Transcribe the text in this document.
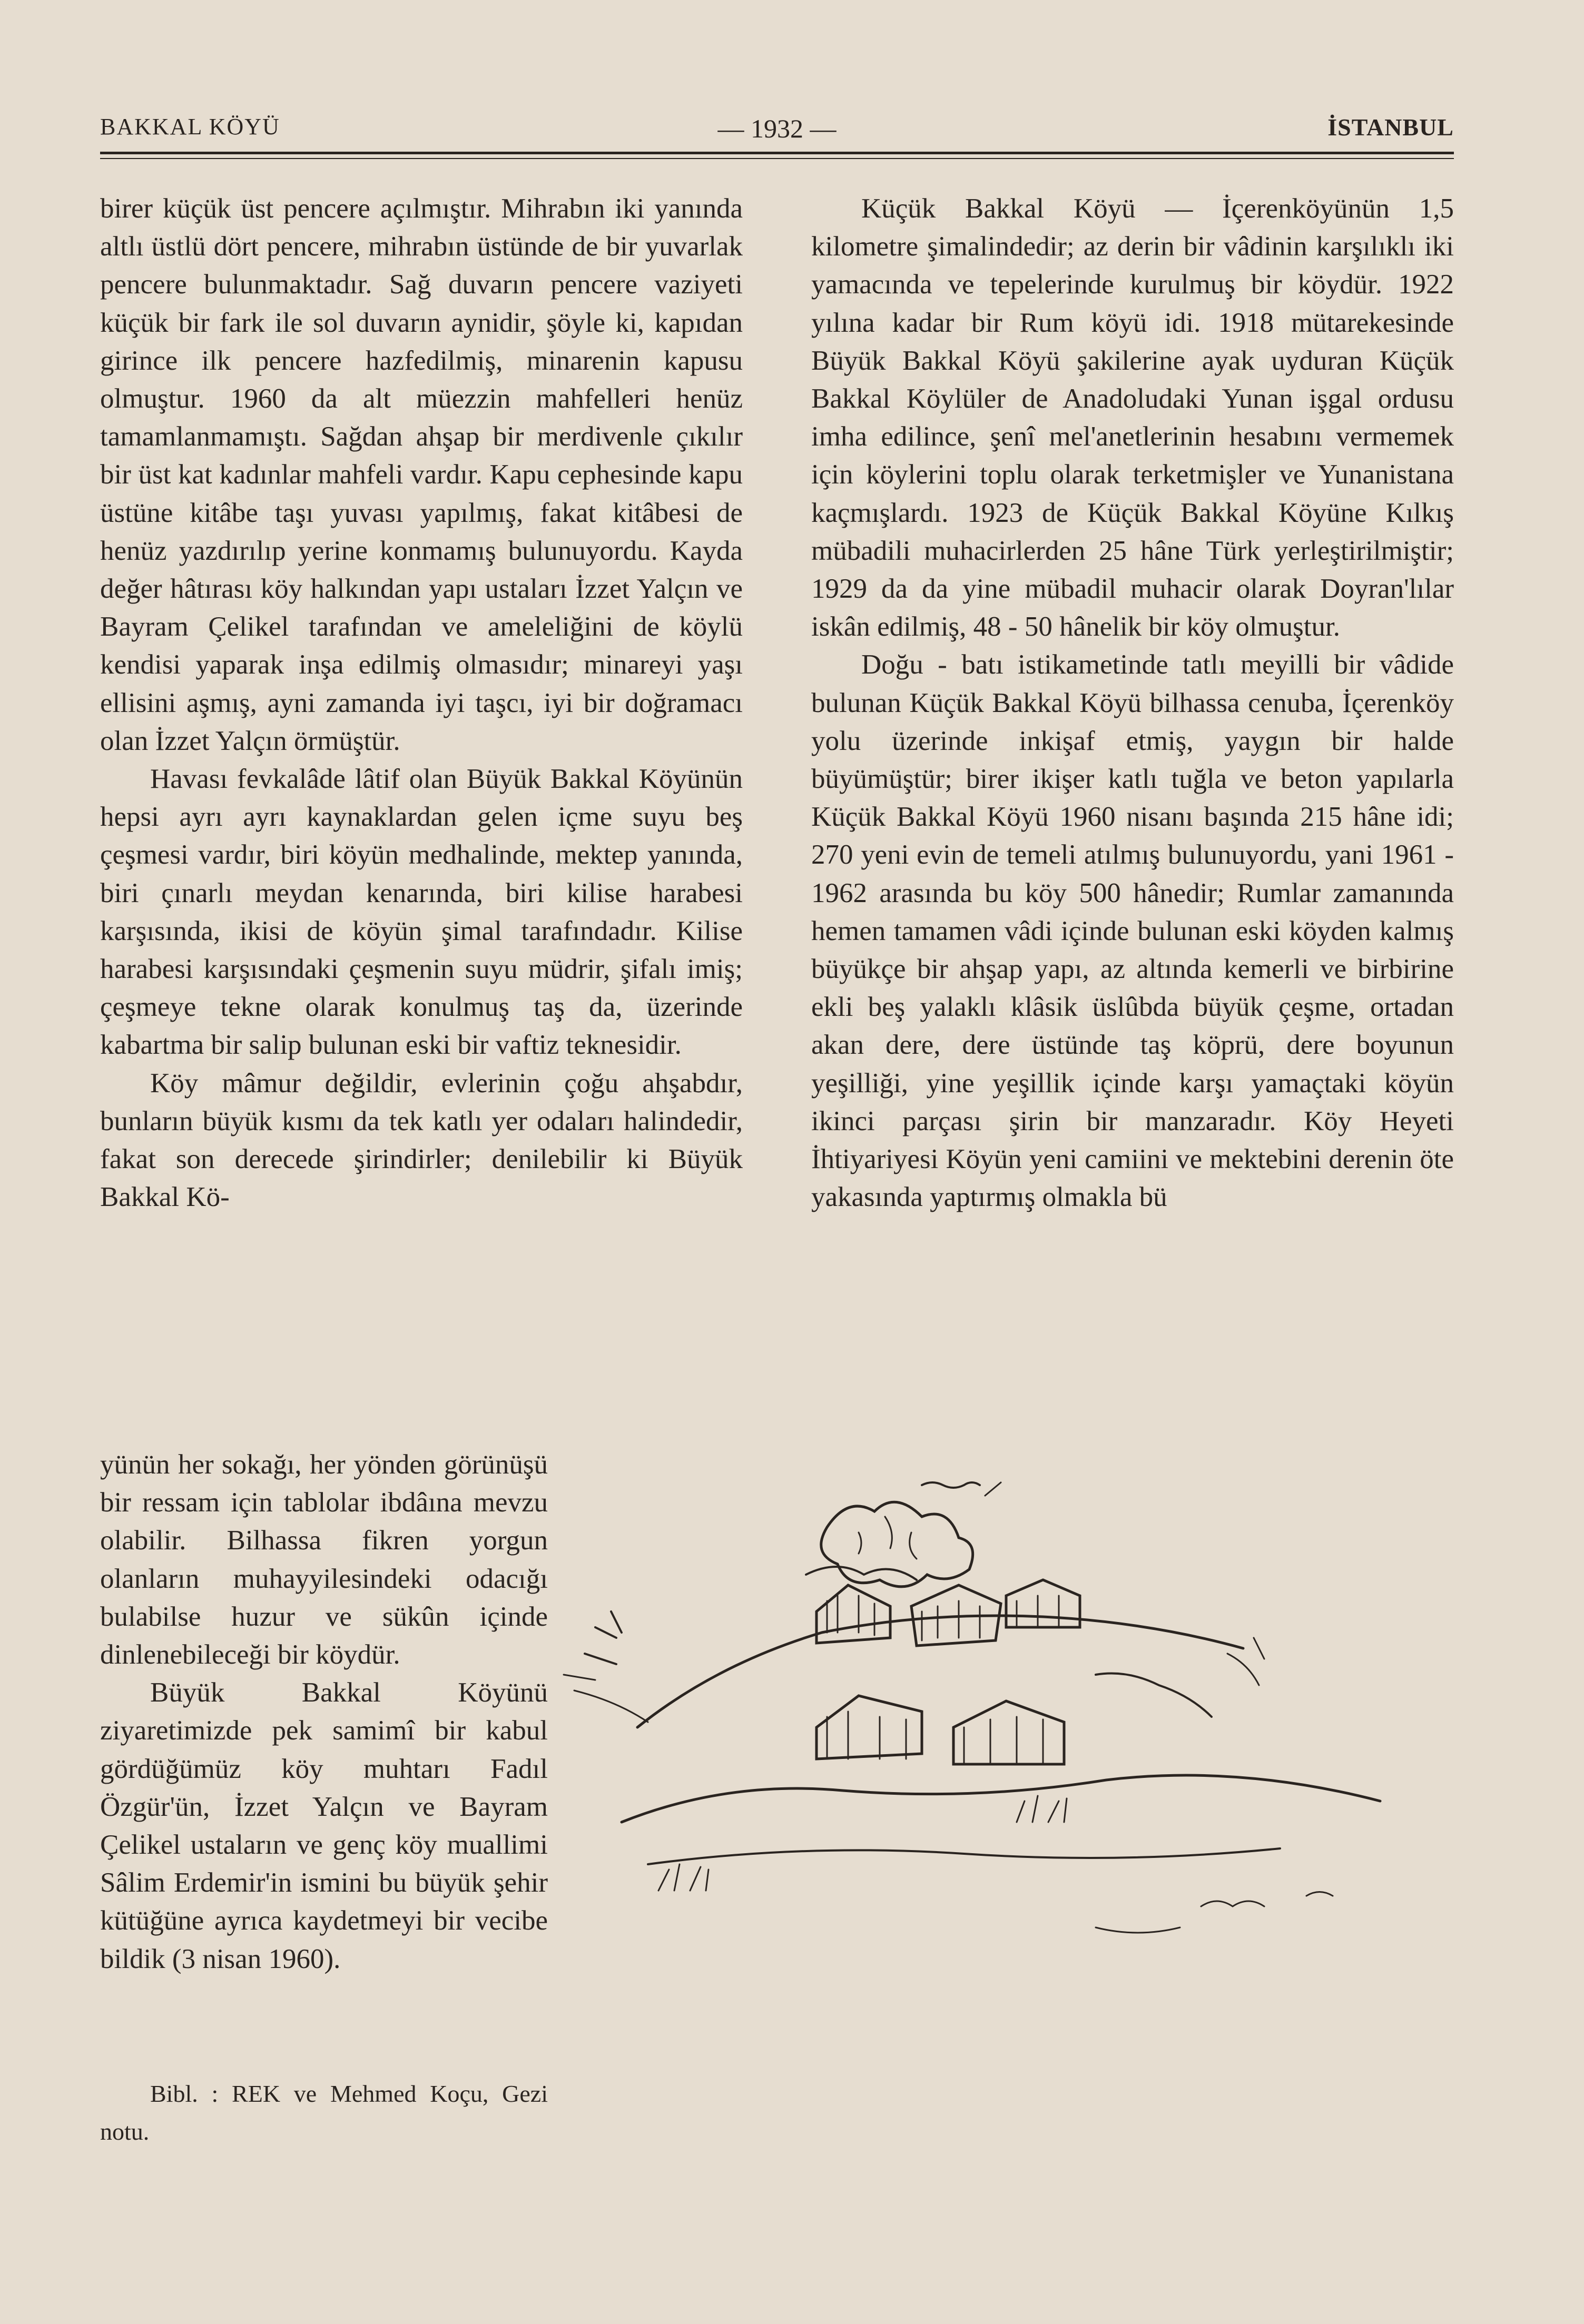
BAKKAL KÖYÜ	— 1932 —	İSTANBUL

birer küçük üst pencere açılmıştır. Mihrabın iki yanında altlı üstlü dört pencere, mihrabın üstünde de bir yuvarlak pencere bulunmaktadır. Sağ duvarın pencere vaziyeti küçük bir fark ile sol duvarın aynidir, şöyle ki, kapıdan girince ilk pencere hazfedilmiş, minarenin kapusu olmuştur. 1960 da alt müezzin mahfelleri henüz tamamlanmamıştı. Sağdan ahşap bir merdivenle çıkılır bir üst kat kadınlar mahfeli vardır. Kapu cephesinde kapu üstüne kitâbe taşı yuvası yapılmış, fakat kitâbesi de henüz yazdırılıp yerine konmamış bulunuyordu. Kayda değer hâtırası köy halkından yapı ustaları İzzet Yalçın ve Bayram Çelikel tarafından ve ameleliğini de köylü kendisi yaparak inşa edilmiş olmasıdır; minareyi yaşı ellisini aşmış, ayni zamanda iyi taşcı, iyi bir doğramacı olan İzzet Yalçın örmüştür.

Havası fevkalâde lâtif olan Büyük Bakkal Köyünün hepsi ayrı ayrı kaynaklardan gelen içme suyu beş çeşmesi vardır, biri köyün medhalinde, mektep yanında, biri çınarlı meydan kenarında, biri kilise harabesi karşısında, ikisi de köyün şimal tarafındadır. Kilise harabesi karşısındaki çeşmenin suyu müdrir, şifalı imiş; çeşmeye tekne olarak konulmuş taş da, üzerinde kabartma bir salip bulunan eski bir vaftiz teknesidir.

Köy mâmur değildir, evlerinin çoğu ahşabdır, bunların büyük kısmı da tek katlı yer odaları halindedir, fakat son derecede şirindirler; denilebilir ki Büyük Bakkal Kö-

yünün her sokağı, her yönden görünüşü bir ressam için tablolar ibdâına mevzu olabilir. Bilhassa fikren yorgun olanların muhayyilesindeki odacığı bulabilse huzur ve sükûn içinde dinlenebileceği bir köydür.

Büyük Bakkal Köyünü ziyaretimizde pek samimî bir kabul gördüğümüz köy muhtarı Fadıl Özgür'ün, İzzet Yalçın ve Bayram Çelikel ustaların ve genç köy muallimi Sâlim Erdemir'in ismini bu büyük şehir kütüğüne ayrıca kaydetmeyi bir vecibe bildik (3 nisan 1960).

Bibl. : REK ve Mehmed Koçu, Gezi notu.

Küçük Bakkal Köyü — İçerenköyünün 1,5 kilometre şimalindedir; az derin bir vâdinin karşılıklı iki yamacında ve tepelerinde kurulmuş bir köydür. 1922 yılına kadar bir Rum köyü idi. 1918 mütarekesinde Büyük Bakkal Köyü şakilerine ayak uyduran Küçük Bakkal Köylüler de Anadoludaki Yunan işgal ordusu imha edilince, şenî mel'anetlerinin hesabını vermemek için köylerini toplu olarak terketmişler ve Yunanistana kaçmışlardı. 1923 de Küçük Bakkal Köyüne Kılkış mübadili muhacirlerden 25 hâne Türk yerleştirilmiştir; 1929 da da yine mübadil muhacir olarak Doyran'lılar iskân edilmiş, 48 - 50 hânelik bir köy olmuştur.

Doğu - batı istikametinde tatlı meyilli bir vâdide bulunan Küçük Bakkal Köyü bilhassa cenuba, İçerenköy yolu üzerinde inkişaf etmiş, yaygın bir halde büyümüştür; birer ikişer katlı tuğla ve beton yapılarla Küçük Bakkal Köyü 1960 nisanı başında 215 hâne idi; 270 yeni evin de temeli atılmış bulunuyordu, yani 1961 - 1962 arasında bu köy 500 hânedir; Rumlar zamanında hemen tamamen vâdi içinde bulunan eski köyden kalmış büyükçe bir ahşap yapı, az altında kemerli ve birbirine ekli beş yalaklı klâsik üslûbda büyük çeşme, ortadan akan dere, dere üstünde taş köprü, dere boyunun yeşilliği, yine yeşillik içinde karşı yamaçtaki köyün ikinci parçası şirin bir manzaradır. Köy Heyeti İhtiyariyesi Köyün yeni camiini ve mektebini derenin öte yakasında yaptırmış olmakla bü
